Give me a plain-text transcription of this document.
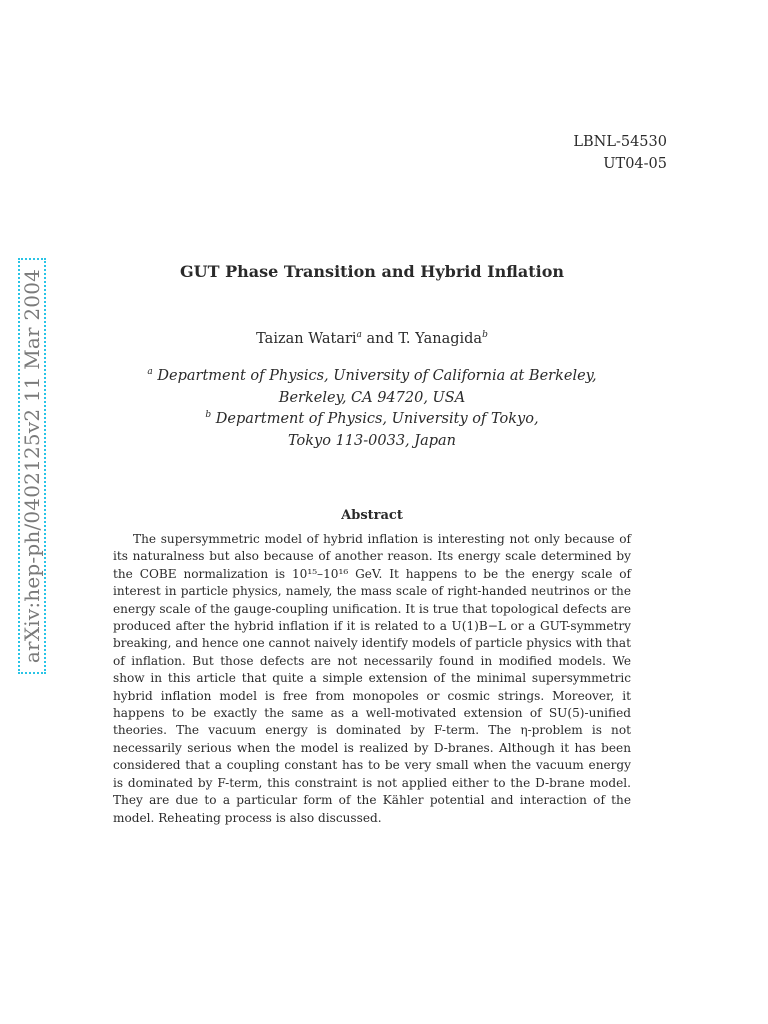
LBNL-54530
UT04-05
arXiv:hep-ph/0402125v2 11 Mar 2004	GUT Phase Transition and Hybrid Inflation
Taizan Watari$^a$ and T. Yanagida$^b$
$^a$ Department of Physics, University of California at Berkeley,
Berkeley, CA 94720, USA
$^b$ Department of Physics, University of Tokyo,
Tokyo 113-0033, Japan
Abstract

The supersymmetric model of hybrid inflation is interesting not only because of its naturalness but also because of another reason. Its energy scale determined by the COBE normalization is 10¹⁵–10¹⁶ GeV. It happens to be the energy scale of interest in particle physics, namely, the mass scale of right-handed neutrinos or the energy scale of the gauge-coupling unification. It is true that topological defects are produced after the hybrid inflation if it is related to a U(1)B−L or a GUT-symmetry breaking, and hence one cannot naively identify models of particle physics with that of inflation. But those defects are not necessarily found in modified models. We show in this article that quite a simple extension of the minimal supersymmetric hybrid inflation model is free from monopoles or cosmic strings. Moreover, it happens to be exactly the same as a well-motivated extension of SU(5)-unified theories. The vacuum energy is dominated by F-term. The η-problem is not necessarily serious when the model is realized by D-branes. Although it has been considered that a coupling constant has to be very small when the vacuum energy is dominated by F-term, this constraint is not applied either to the D-brane model. They are due to a particular form of the Kähler potential and interaction of the model. Reheating process is also discussed.
